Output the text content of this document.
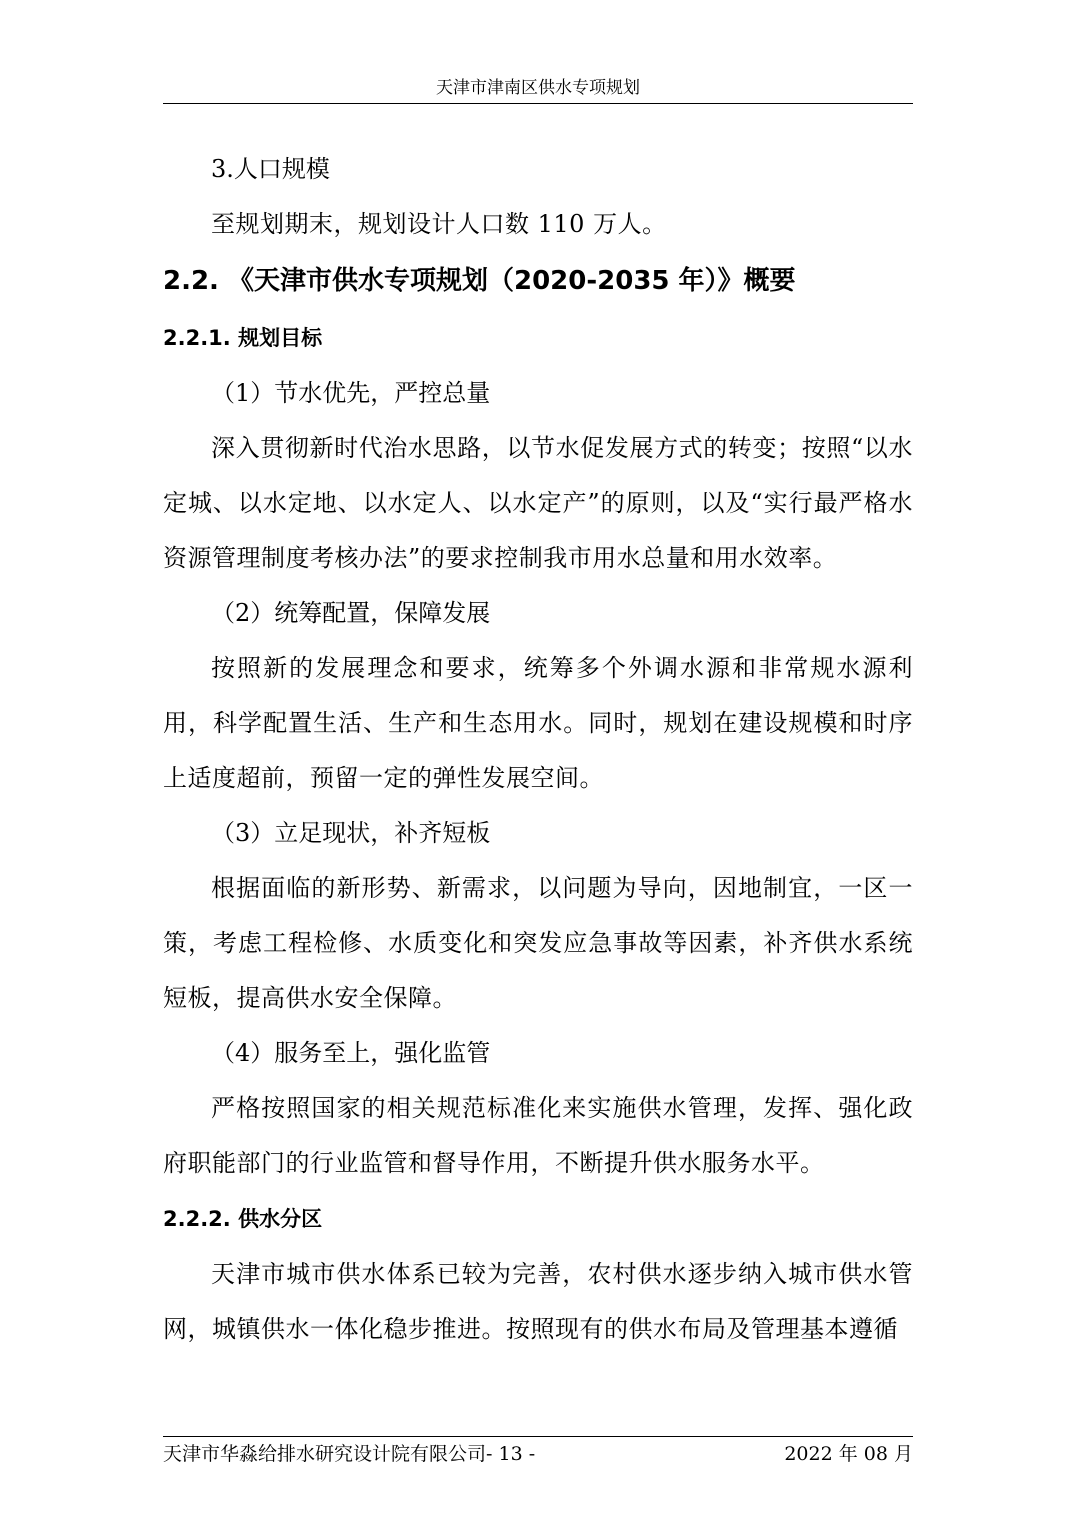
天津市津南区供水专项规划

3.人口规模

至规划期末，规划设计人口数 110 万人。

2.2. 《天津市供水专项规划（2020-2035 年）》概要
2.2.1. 规划目标

（1）节水优先，严控总量

深入贯彻新时代治水思路，以节水促发展方式的转变；按照“以水定城、以水定地、以水定人、以水定产”的原则，以及“实行最严格水资源管理制度考核办法”的要求控制我市用水总量和用水效率。

（2）统筹配置，保障发展

按照新的发展理念和要求，统筹多个外调水源和非常规水源利用，科学配置生活、生产和生态用水。同时，规划在建设规模和时序上适度超前，预留一定的弹性发展空间。

（3）立足现状，补齐短板

根据面临的新形势、新需求，以问题为导向，因地制宜，一区一策，考虑工程检修、水质变化和突发应急事故等因素，补齐供水系统短板，提高供水安全保障。

（4）服务至上，强化监管

严格按照国家的相关规范标准化来实施供水管理，发挥、强化政府职能部门的行业监管和督导作用，不断提升供水服务水平。

2.2.2. 供水分区

天津市城市供水体系已较为完善，农村供水逐步纳入城市供水管网，城镇供水一体化稳步推进。按照现有的供水布局及管理基本遵循

天津市华淼给排水研究设计院有限公司- 13 -	2022 年 08 月
